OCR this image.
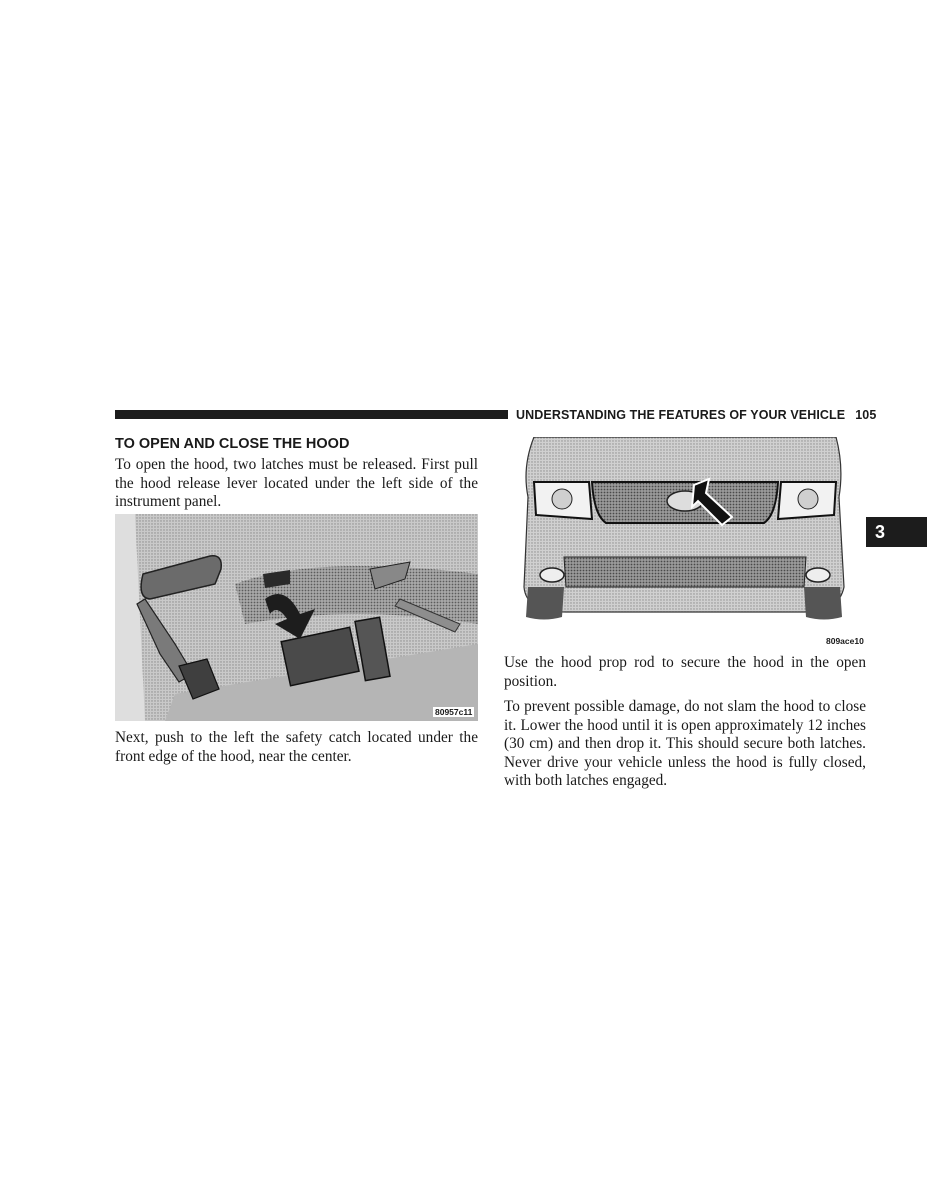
UNDERSTANDING THE FEATURES OF YOUR VEHICLE 105
3
TO OPEN AND CLOSE THE HOOD

To open the hood, two latches must be released. First pull the hood release lever located under the left side of the instrument panel.

80957c11

Next, push to the left the safety catch located under the front edge of the hood, near the center.

809ace10

Use the hood prop rod to secure the hood in the open position.

To prevent possible damage, do not slam the hood to close it. Lower the hood until it is open approximately 12 inches (30 cm) and then drop it. This should secure both latches. Never drive your vehicle unless the hood is fully closed, with both latches engaged.
